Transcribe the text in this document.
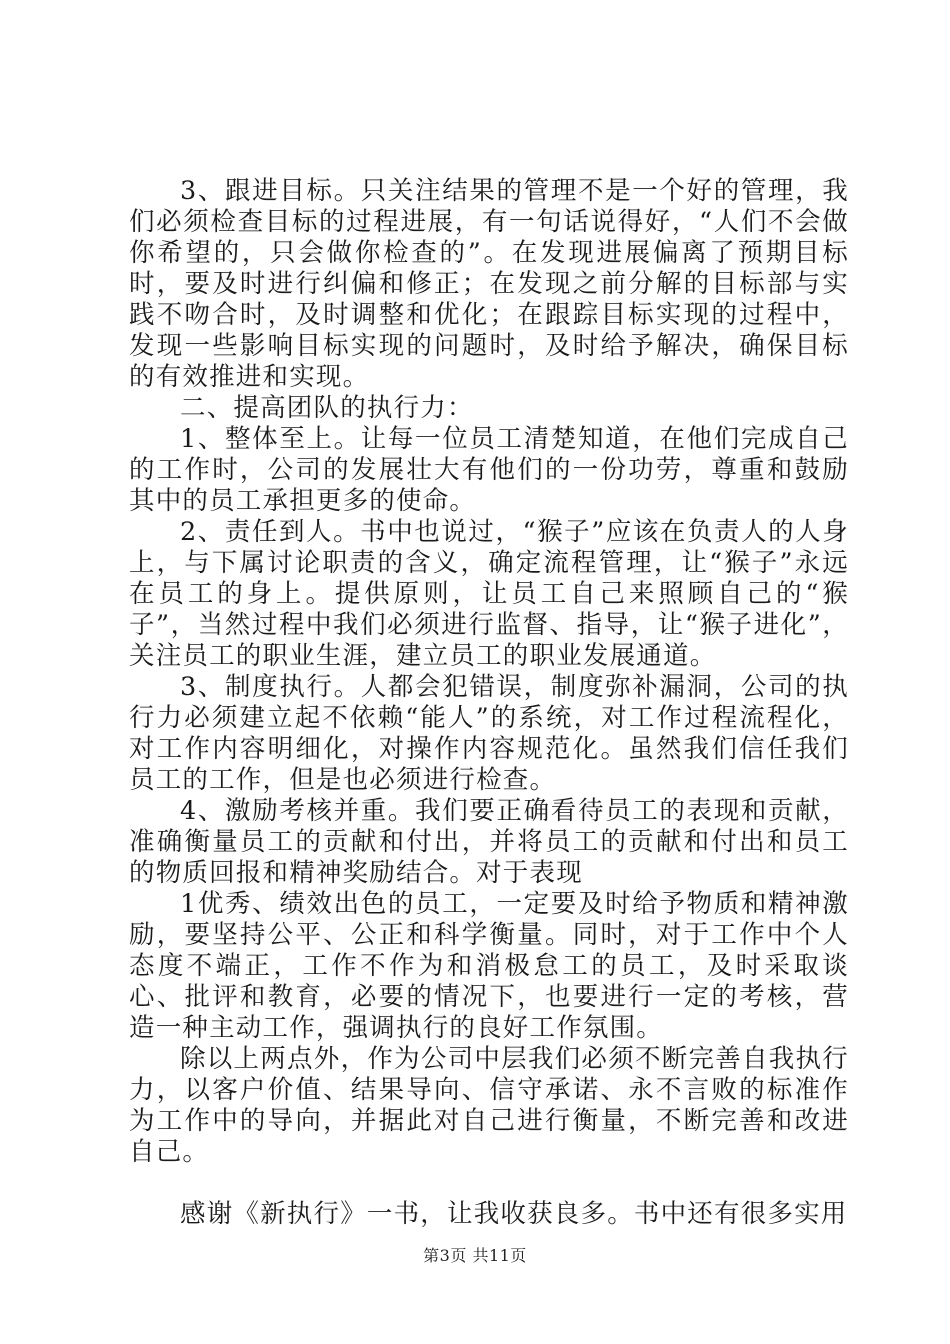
3、跟进目标。只关注结果的管理不是一个好的管理，我们必须检查目标的过程进展，有一句话说得好，“人们不会做你希望的，只会做你检查的”。在发现进展偏离了预期目标时，要及时进行纠偏和修正；在发现之前分解的目标部与实践不吻合时，及时调整和优化；在跟踪目标实现的过程中，发现一些影响目标实现的问题时，及时给予解决，确保目标的有效推进和实现。

二、提高团队的执行力：

1、整体至上。让每一位员工清楚知道，在他们完成自己的工作时，公司的发展壮大有他们的一份功劳，尊重和鼓励其中的员工承担更多的使命。

2、责任到人。书中也说过，“猴子”应该在负责人的人身上，与下属讨论职责的含义，确定流程管理，让“猴子”永远在员工的身上。提供原则，让员工自己来照顾自己的“猴子”，当然过程中我们必须进行监督、指导，让“猴子进化”，关注员工的职业生涯，建立员工的职业发展通道。

3、制度执行。人都会犯错误，制度弥补漏洞，公司的执行力必须建立起不依赖“能人”的系统，对工作过程流程化，对工作内容明细化，对操作内容规范化。虽然我们信任我们员工的工作，但是也必须进行检查。

4、激励考核并重。我们要正确看待员工的表现和贡献，准确衡量员工的贡献和付出，并将员工的贡献和付出和员工的物质回报和精神奖励结合。对于表现

1优秀、绩效出色的员工，一定要及时给予物质和精神激励，要坚持公平、公正和科学衡量。同时，对于工作中个人态度不端正，工作不作为和消极怠工的员工，及时采取谈心、批评和教育，必要的情况下，也要进行一定的考核，营造一种主动工作，强调执行的良好工作氛围。

除以上两点外，作为公司中层我们必须不断完善自我执行力，以客户价值、结果导向、信守承诺、永不言败的标准作为工作中的导向，并据此对自己进行衡量，不断完善和改进自己。

感谢《新执行》一书，让我收获良多。书中还有很多实用

第3页 共11页
